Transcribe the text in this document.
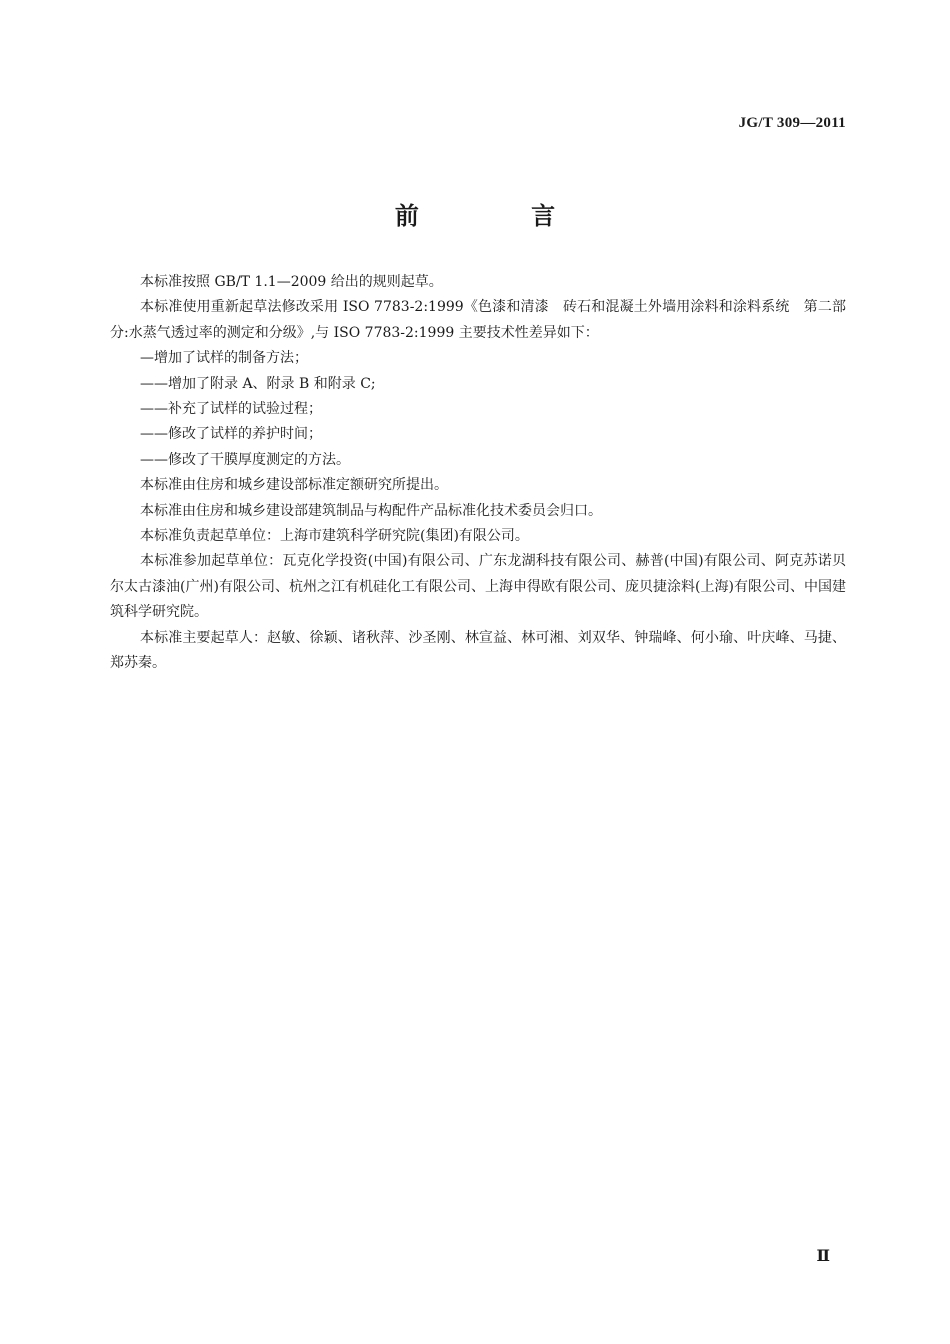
JG/T 309—2011
前 言

本标准按照 GB/T 1.1—2009 给出的规则起草。

本标准使用重新起草法修改采用 ISO 7783-2:1999《色漆和清漆　砖石和混凝土外墙用涂料和涂料系统　第二部分:水蒸气透过率的测定和分级》,与 ISO 7783-2:1999 主要技术性差异如下：

—增加了试样的制备方法；

——增加了附录 A、附录 B 和附录 C;

——补充了试样的试验过程；

——修改了试样的养护时间；

——修改了干膜厚度测定的方法。

本标准由住房和城乡建设部标准定额研究所提出。

本标准由住房和城乡建设部建筑制品与构配件产品标准化技术委员会归口。

本标准负责起草单位：上海市建筑科学研究院(集团)有限公司。

本标准参加起草单位：瓦克化学投资(中国)有限公司、广东龙湖科技有限公司、赫普(中国)有限公司、阿克苏诺贝尔太古漆油(广州)有限公司、杭州之江有机硅化工有限公司、上海申得欧有限公司、庞贝捷涂料(上海)有限公司、中国建筑科学研究院。

本标准主要起草人：赵敏、徐颖、诸秋萍、沙圣刚、林宣益、林可湘、刘双华、钟瑞峰、何小瑜、叶庆峰、马捷、郑苏秦。

Ⅱ
